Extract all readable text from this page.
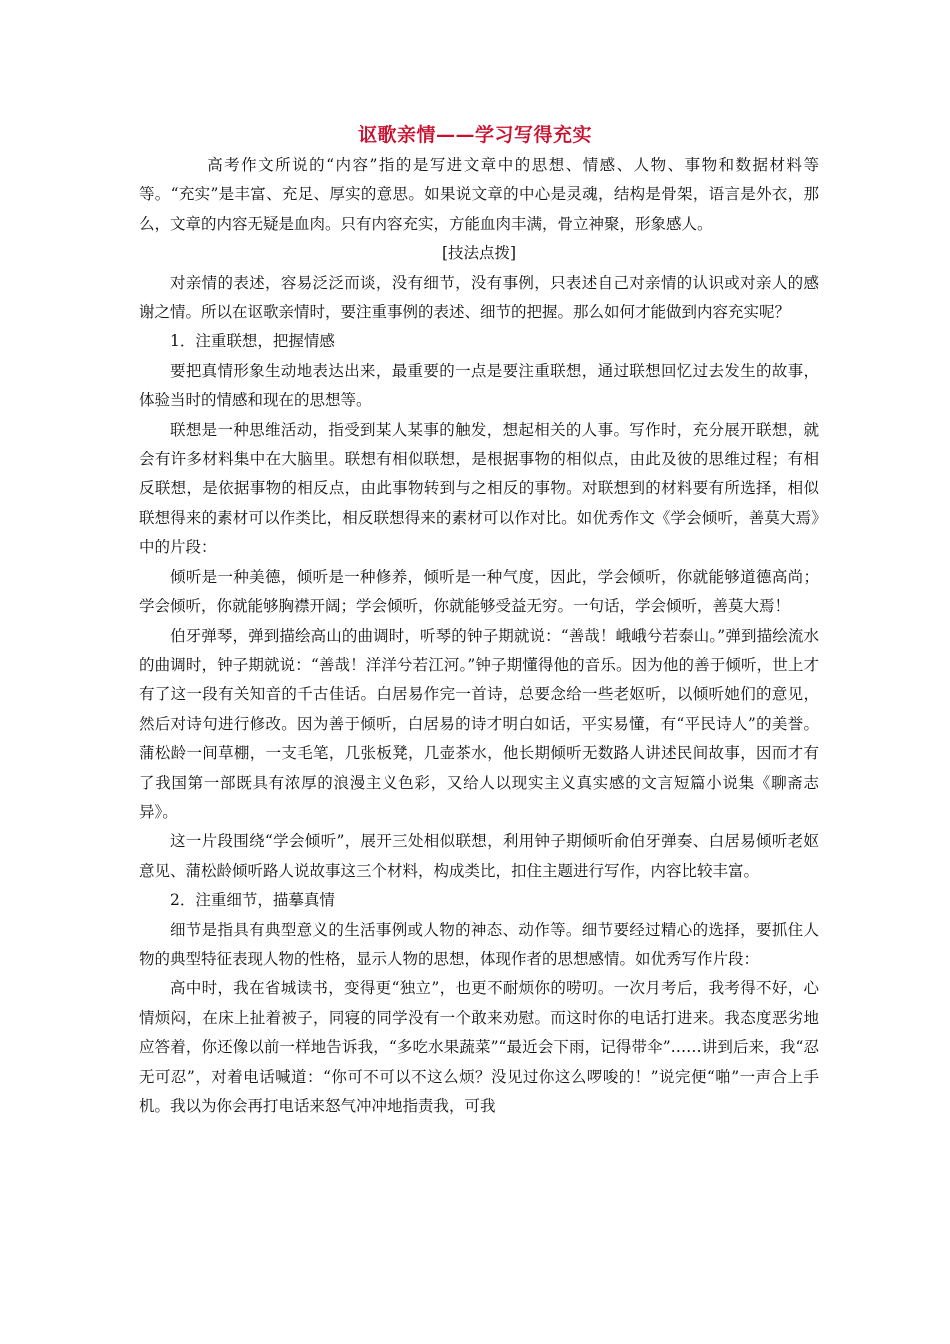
讴歌亲情——学习写得充实

高考作文所说的“内容”指的是写进文章中的思想、情感、人物、事物和数据材料等等。“充实”是丰富、充足、厚实的意思。如果说文章的中心是灵魂，结构是骨架，语言是外衣，那么，文章的内容无疑是血肉。只有内容充实，方能血肉丰满，骨立神聚，形象感人。

[技法点拨]

对亲情的表述，容易泛泛而谈，没有细节，没有事例，只表述自己对亲情的认识或对亲人的感谢之情。所以在讴歌亲情时，要注重事例的表述、细节的把握。那么如何才能做到内容充实呢？

1．注重联想，把握情感

要把真情形象生动地表达出来，最重要的一点是要注重联想，通过联想回忆过去发生的故事，体验当时的情感和现在的思想等。

联想是一种思维活动，指受到某人某事的触发，想起相关的人事。写作时，充分展开联想，就会有许多材料集中在大脑里。联想有相似联想，是根据事物的相似点，由此及彼的思维过程；有相反联想，是依据事物的相反点，由此事物转到与之相反的事物。对联想到的材料要有所选择，相似联想得来的素材可以作类比，相反联想得来的素材可以作对比。如优秀作文《学会倾听，善莫大焉》中的片段：

倾听是一种美德，倾听是一种修养，倾听是一种气度，因此，学会倾听，你就能够道德高尚；学会倾听，你就能够胸襟开阔；学会倾听，你就能够受益无穷。一句话，学会倾听，善莫大焉！

伯牙弹琴，弹到描绘高山的曲调时，听琴的钟子期就说：“善哉！峨峨兮若泰山。”弹到描绘流水的曲调时，钟子期就说：“善哉！洋洋兮若江河。”钟子期懂得他的音乐。因为他的善于倾听，世上才有了这一段有关知音的千古佳话。白居易作完一首诗，总要念给一些老妪听，以倾听她们的意见，然后对诗句进行修改。因为善于倾听，白居易的诗才明白如话，平实易懂，有“平民诗人”的美誉。蒲松龄一间草棚，一支毛笔，几张板凳，几壶茶水，他长期倾听无数路人讲述民间故事，因而才有了我国第一部既具有浓厚的浪漫主义色彩，又给人以现实主义真实感的文言短篇小说集《聊斋志异》。

这一片段围绕“学会倾听”，展开三处相似联想，利用钟子期倾听俞伯牙弹奏、白居易倾听老妪意见、蒲松龄倾听路人说故事这三个材料，构成类比，扣住主题进行写作，内容比较丰富。

2．注重细节，描摹真情

细节是指具有典型意义的生活事例或人物的神态、动作等。细节要经过精心的选择，要抓住人物的典型特征表现人物的性格，显示人物的思想，体现作者的思想感情。如优秀写作片段：

高中时，我在省城读书，变得更“独立”，也更不耐烦你的唠叨。一次月考后，我考得不好，心情烦闷，在床上扯着被子，同寝的同学没有一个敢来劝慰。而这时你的电话打进来。我态度恶劣地应答着，你还像以前一样地告诉我，“多吃水果蔬菜”“最近会下雨，记得带伞”……讲到后来，我“忍无可忍”，对着电话喊道：“你可不可以不这么烦？没见过你这么啰唆的！”说完便“啪”一声合上手机。我以为你会再打电话来怒气冲冲地指责我，可我
